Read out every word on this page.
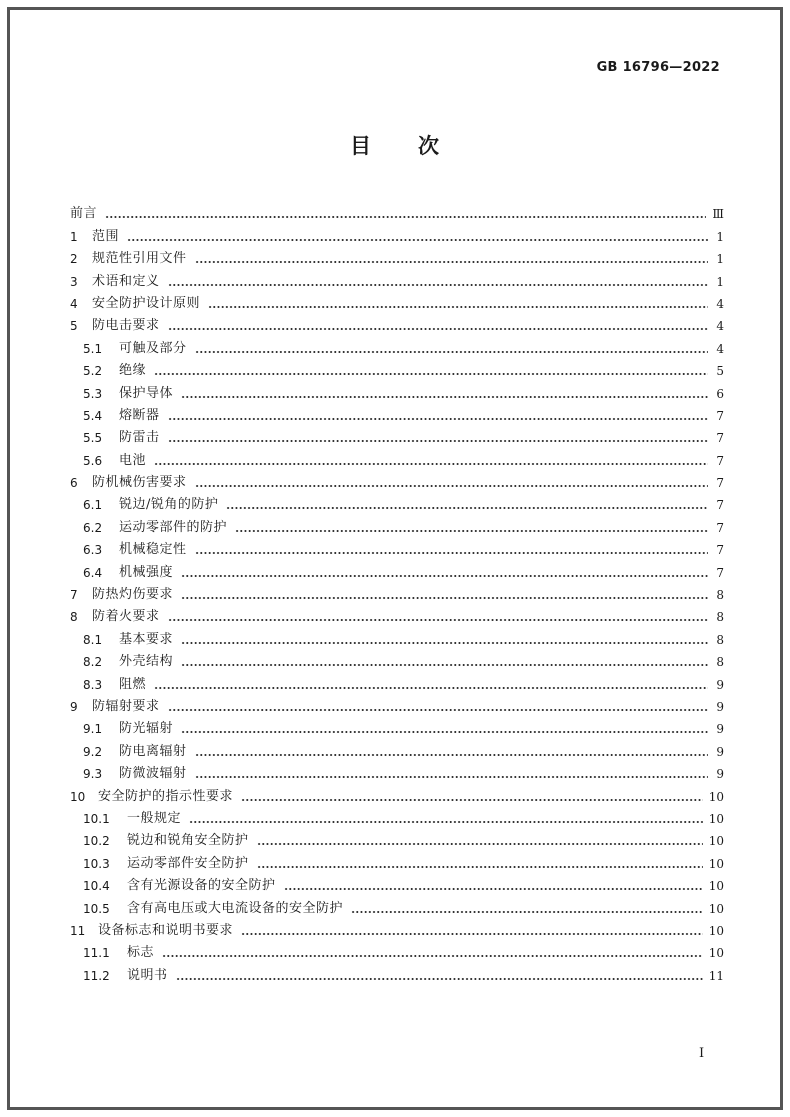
GB 16796—2022
目 次
前言	Ⅲ
1	范围	1
2	规范性引用文件	1
3	术语和定义	1
4	安全防护设计原则	4
5	防电击要求	4
5.1	可触及部分	4
5.2	绝缘	5
5.3	保护导体	6
5.4	熔断器	7
5.5	防雷击	7
5.6	电池	7
6	防机械伤害要求	7
6.1	锐边/锐角的防护	7
6.2	运动零部件的防护	7
6.3	机械稳定性	7
6.4	机械强度	7
7	防热灼伤要求	8
8	防着火要求	8
8.1	基本要求	8
8.2	外壳结构	8
8.3	阻燃	9
9	防辐射要求	9
9.1	防光辐射	9
9.2	防电离辐射	9
9.3	防微波辐射	9
10 安全防护的指示性要求	10
10.1	一般规定	10
10.2	锐边和锐角安全防护	10
10.3	运动零部件安全防护	10
10.4	含有光源设备的安全防护	10
10.5	含有高电压或大电流设备的安全防护	10
11 设备标志和说明书要求	10
11.1	标志	10
11.2	说明书	11
I
